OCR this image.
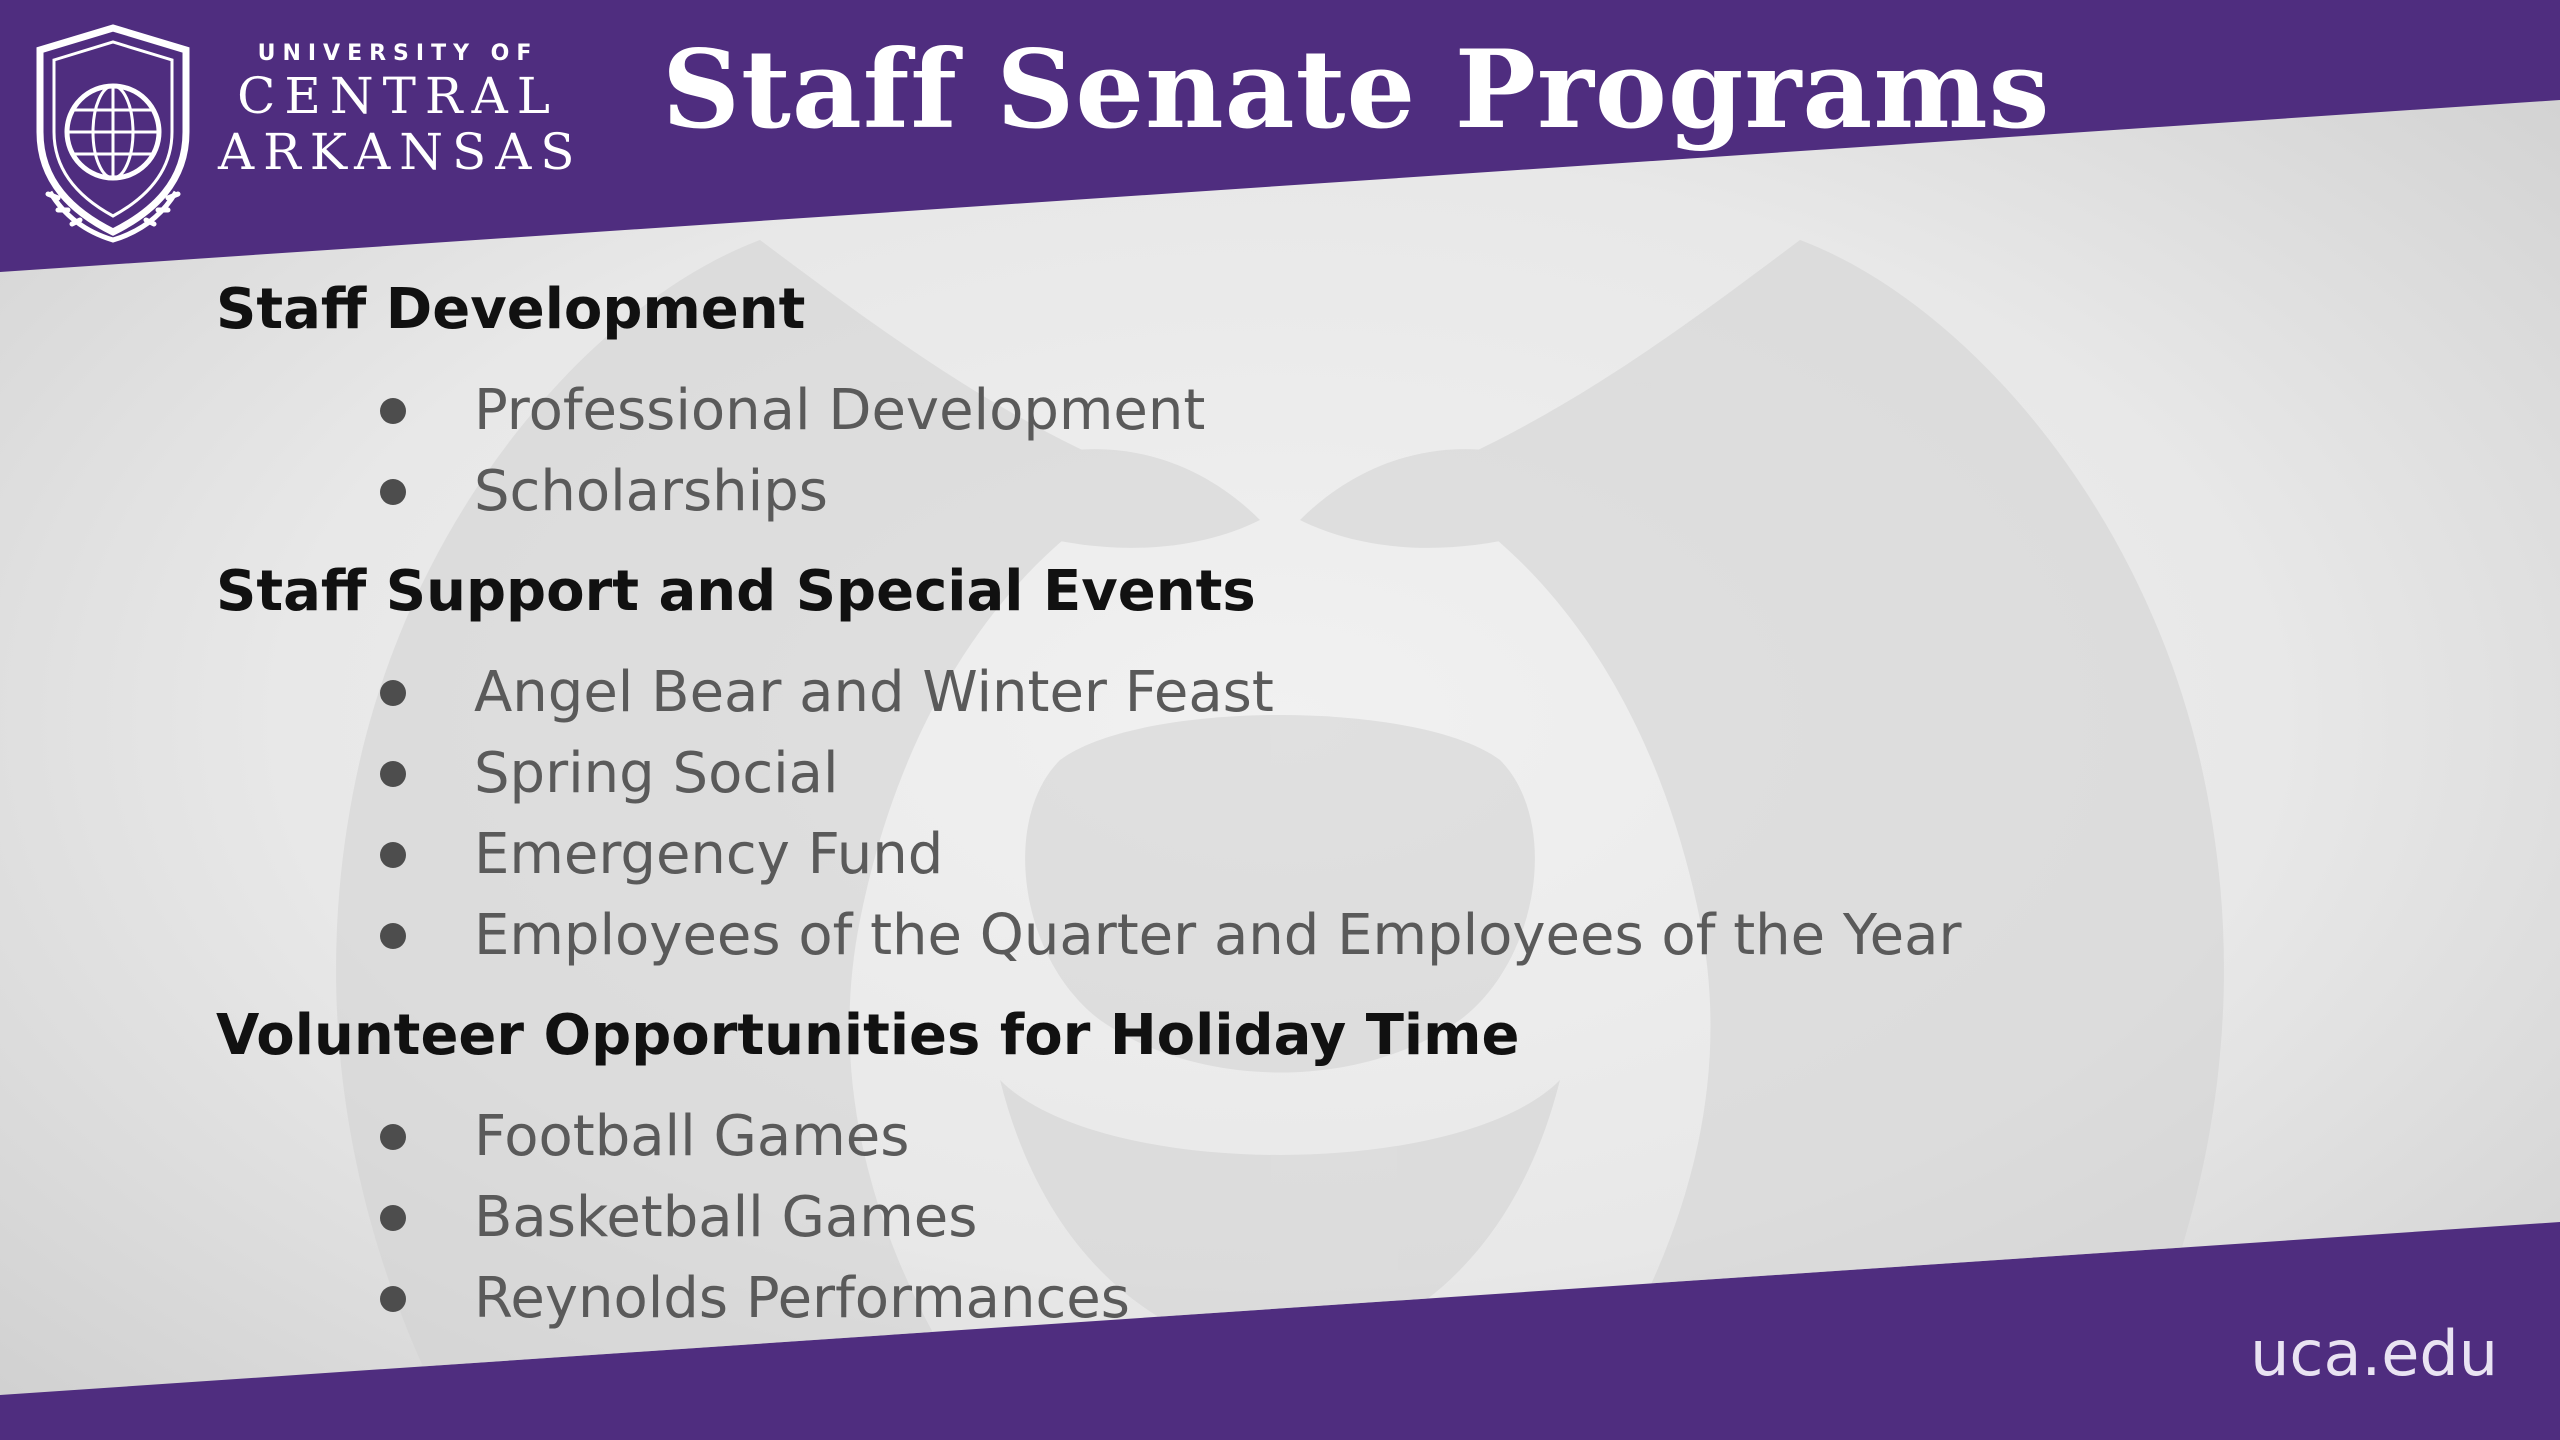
UNIVERSITY OF
CENTRAL
ARKANSAS Staff Senate Programs
Staff Development
Professional Development
Scholarships
Staff Support and Special Events
Angel Bear and Winter Feast
Spring Social
Emergency Fund
Employees of the Quarter and Employees of the Year
Volunteer Opportunities for Holiday Time
Football Games
Basketball Games
Reynolds Performances
uca.edu
